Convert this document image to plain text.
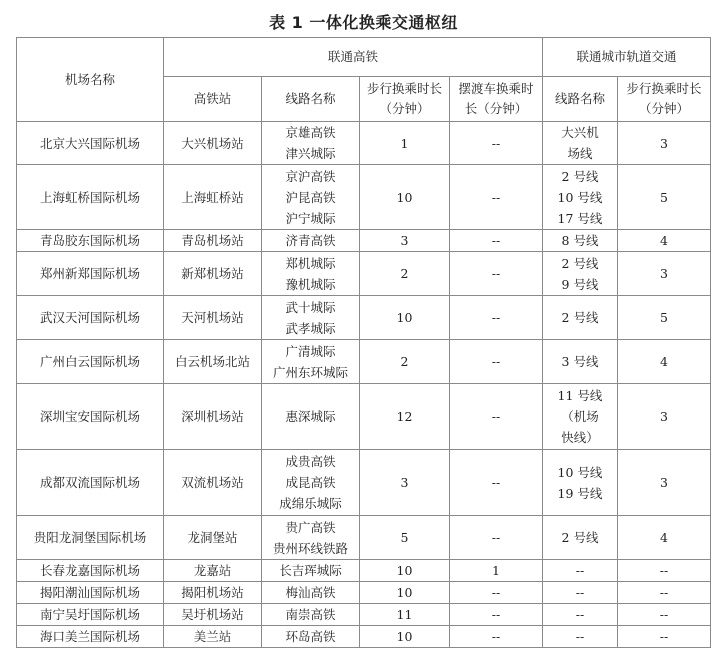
表 1 一体化换乘交通枢纽
机场名称	联通高铁				联通城市轨道交通	
	高铁站	线路名称	步行换乘时长
（分钟）	摆渡车换乘时
长（分钟）	线路名称	步行换乘时长
（分钟）

北京大兴国际机场	大兴机场站	京雄高铁
津兴城际	1	--	大兴机
场线	3
上海虹桥国际机场	上海虹桥站	京沪高铁
沪昆高铁
沪宁城际	10	--	2 号线
10 号线
17 号线	5
青岛胶东国际机场	青岛机场站	济青高铁	3	--	8 号线	4
郑州新郑国际机场	新郑机场站	郑机城际
豫机城际	2	--	2 号线
9 号线	3
武汉天河国际机场	天河机场站	武十城际
武孝城际	10	--	2 号线	5
广州白云国际机场	白云机场北站	广清城际
广州东环城际	2	--	3 号线	4
深圳宝安国际机场	深圳机场站	惠深城际	12	--	11 号线
（机场
快线）	3
成都双流国际机场	双流机场站	成贵高铁
成昆高铁
成绵乐城际	3	--	10 号线
19 号线	3
贵阳龙洞堡国际机场	龙洞堡站	贵广高铁
贵州环线铁路	5	--	2 号线	4
长春龙嘉国际机场	龙嘉站	长吉珲城际	10	1	--	--
揭阳潮汕国际机场	揭阳机场站	梅汕高铁	10	--	--	--
南宁吴圩国际机场	吴圩机场站	南崇高铁	11	--	--	--
海口美兰国际机场	美兰站	环岛高铁	10	--	--	--
